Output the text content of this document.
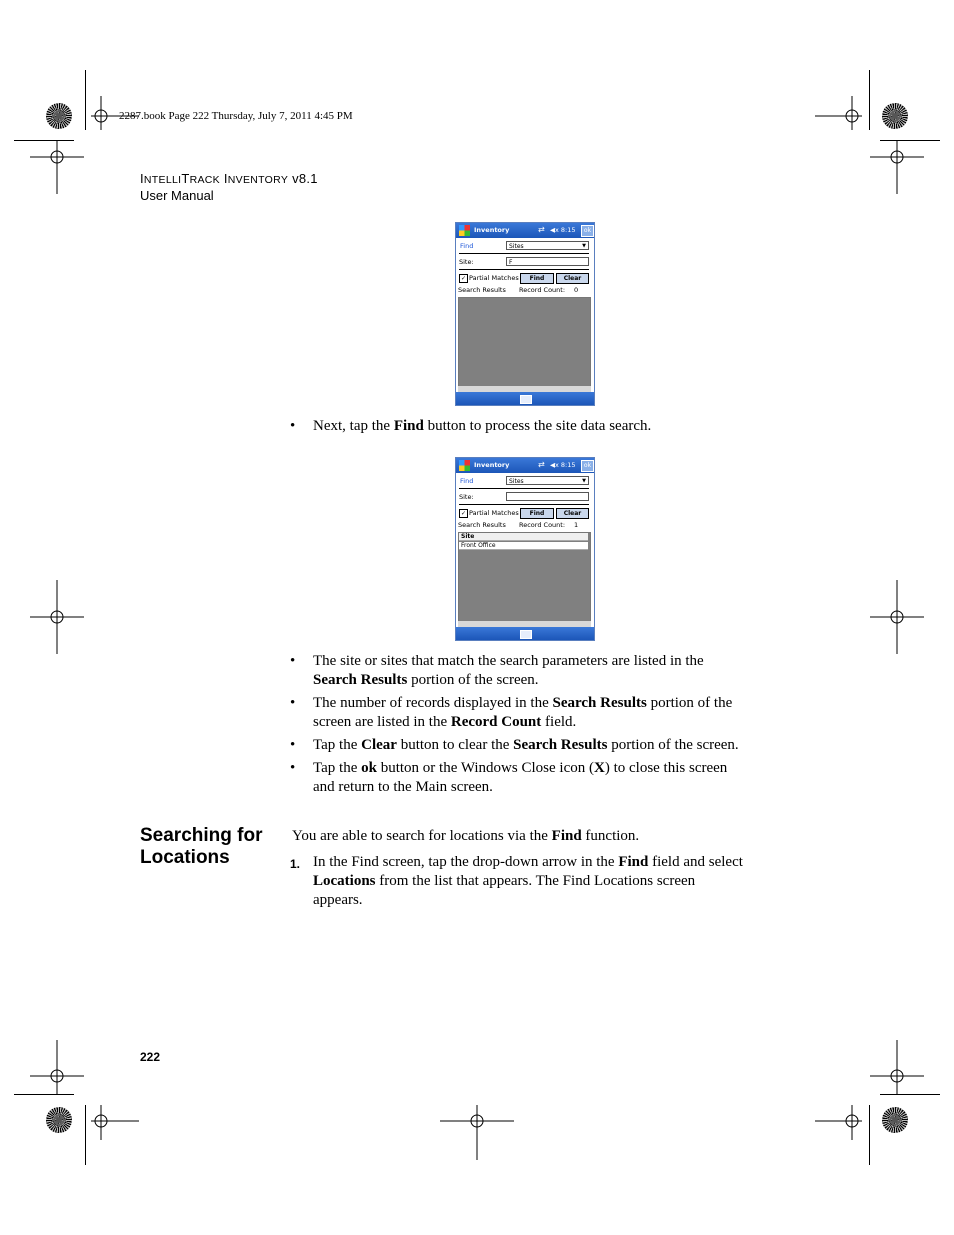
2287.book Page 222 Thursday, July 7, 2011 4:45 PM
INTELLITRACK INVENTORY v8.1
User Manual
Inventory	⇄ ◀x 8:15	ok
Find	Sites	▼
Site:	F
✓ Partial Matches	Find	Clear
Search Results Record Count: 0
• Next, tap the Find button to process the site data search.
Inventory	⇄ ◀x 8:15	ok
Find	Sites	▼
Site:
✓ Partial Matches	Find	Clear
Search Results Record Count: 1
Site
Front Office
• The site or sites that match the search parameters are listed in the
Search Results portion of the screen.
• The number of records displayed in the Search Results portion of the
screen are listed in the Record Count field.
• Tap the Clear button to clear the Search Results portion of the screen.
• Tap the ok button or the Windows Close icon (X) to close this screen
and return to the Main screen.
Searching for Locations
You are able to search for locations via the Find function.
1. In the Find screen, tap the drop-down arrow in the Find field and select
Locations from the list that appears. The Find Locations screen
appears.
222
